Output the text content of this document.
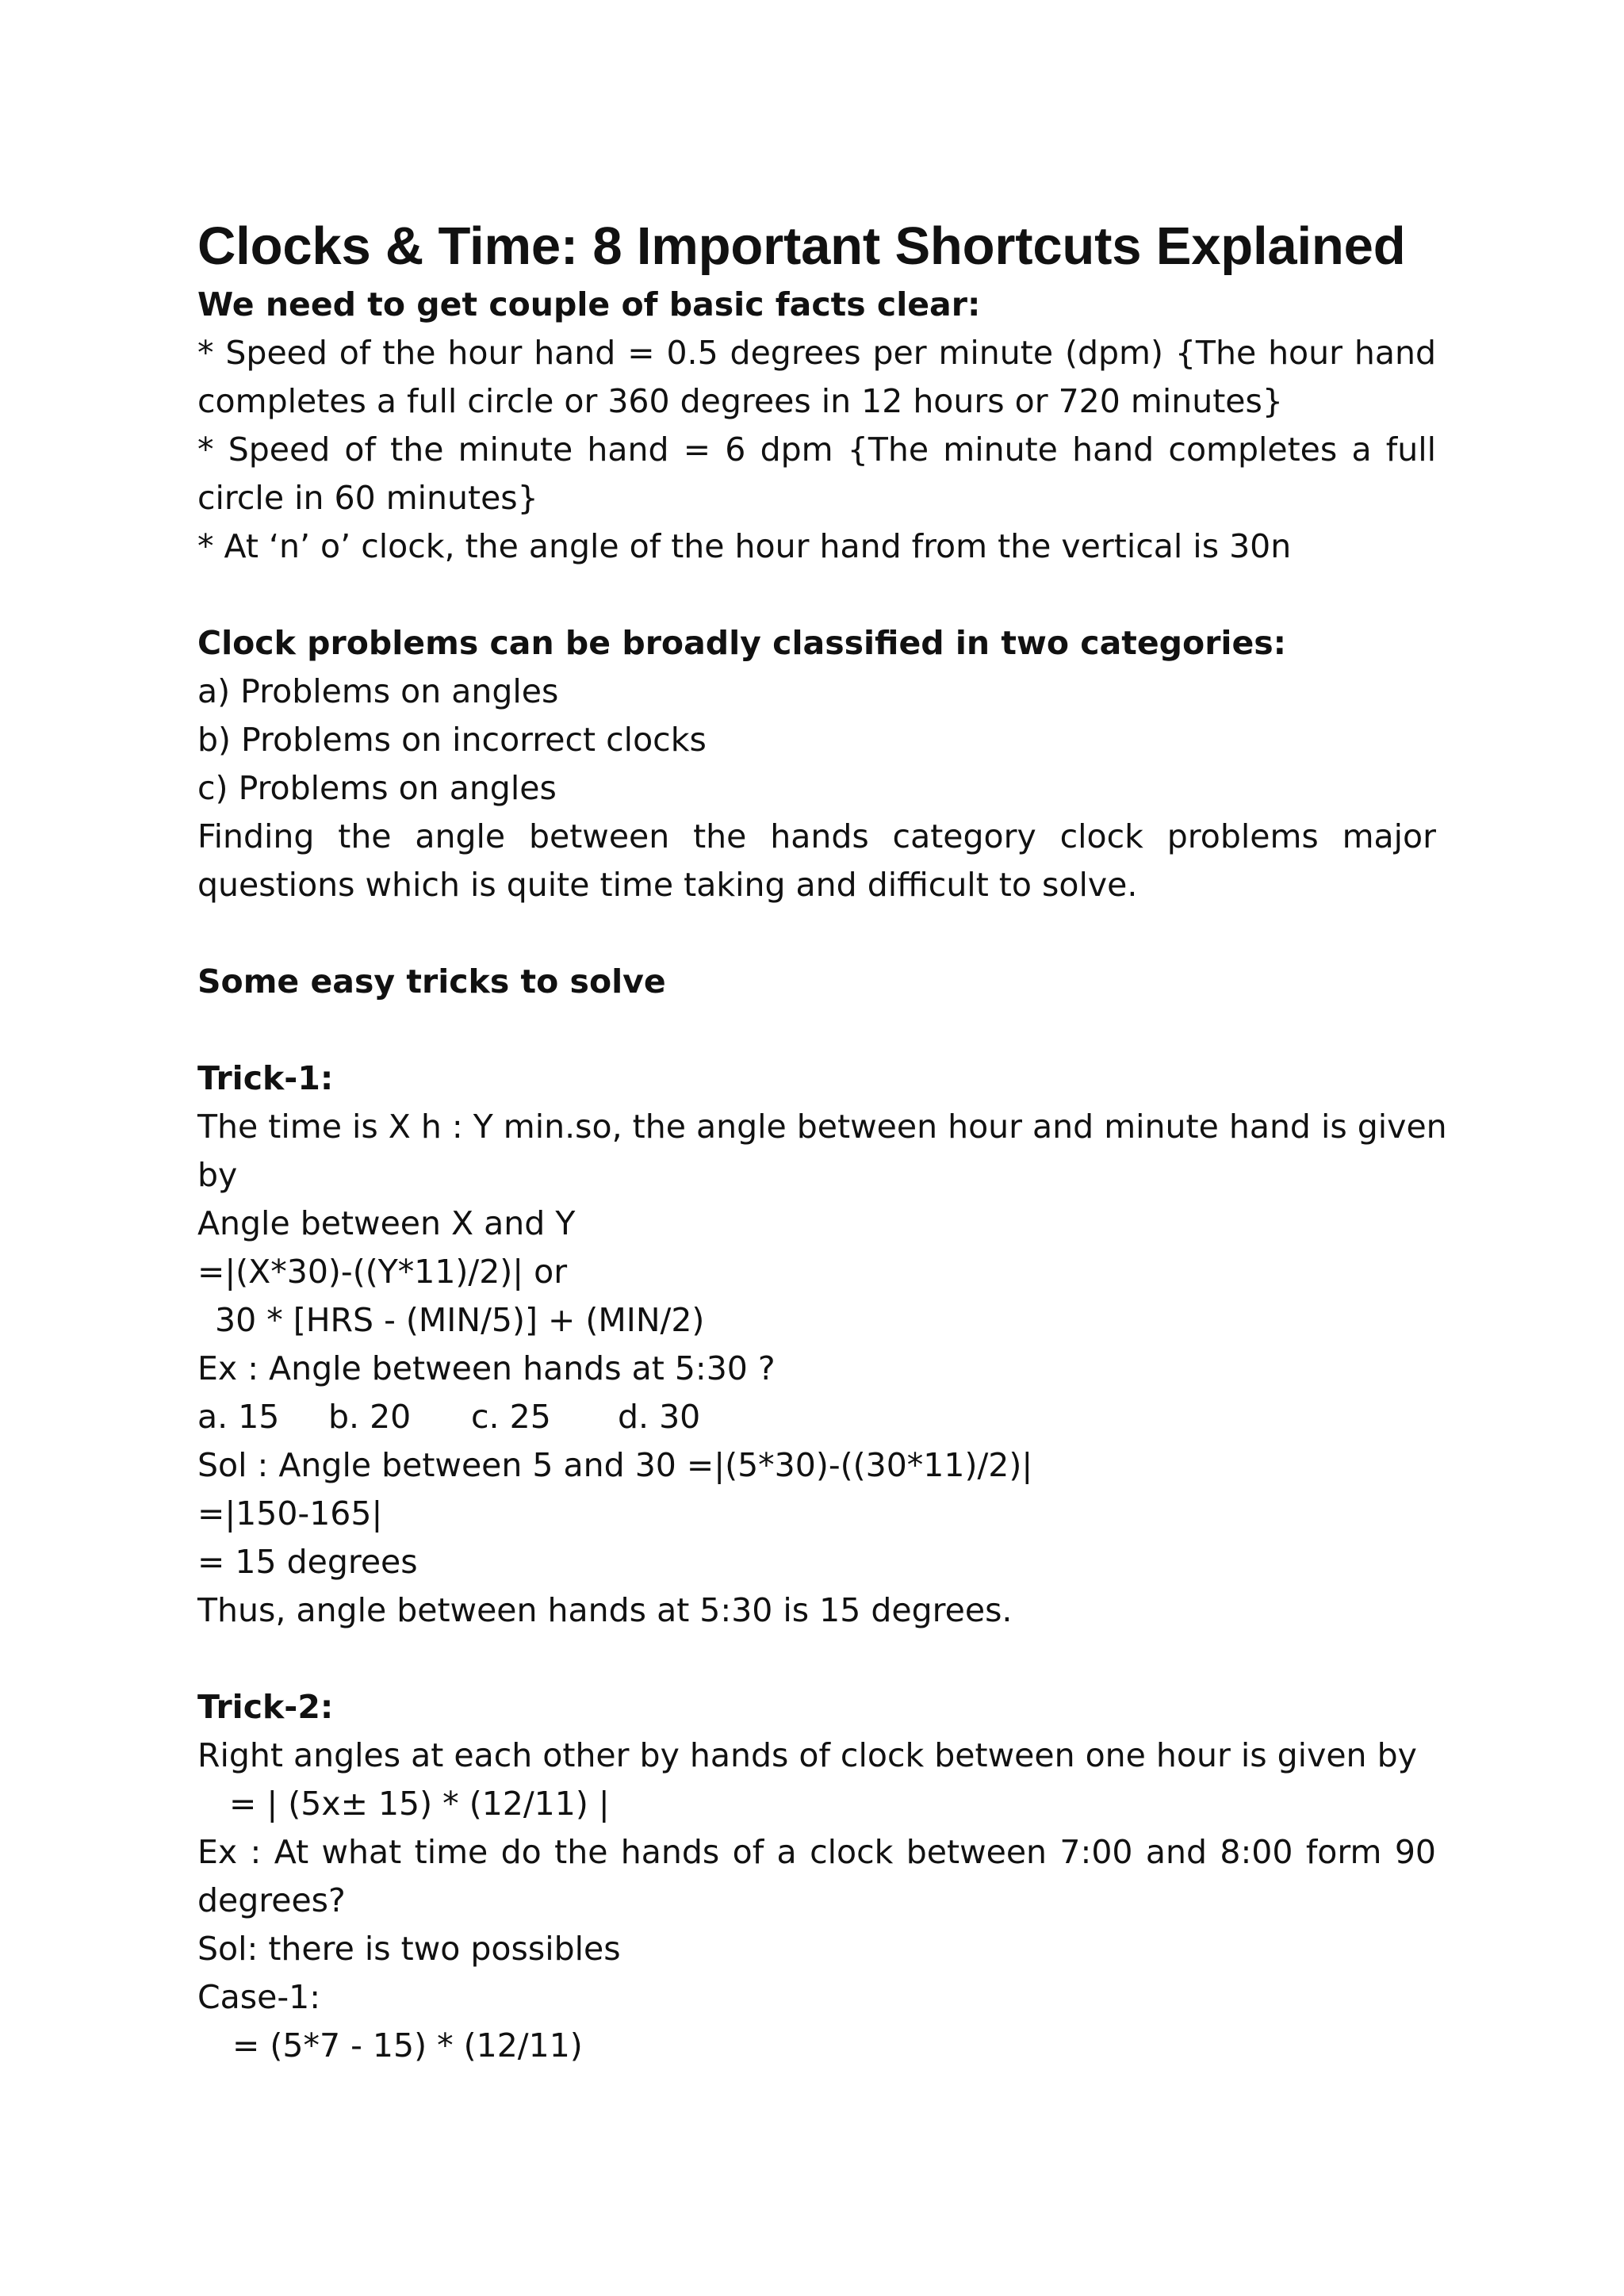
Clocks & Time: 8 Important Shortcuts Explained
We need to get couple of basic facts clear:
* Speed of the hour hand = 0.5 degrees per minute (dpm) {The hour hand
completes a full circle or 360 degrees in 12 hours or 720 minutes}
* Speed of the minute hand = 6 dpm {The minute hand completes a full
circle in 60 minutes}
* At ‘n’ o’ clock, the angle of the hour hand from the vertical is 30n
Clock problems can be broadly classified in two categories:
a) Problems on angles
b) Problems on incorrect clocks
c) Problems on angles
Finding the angle between the hands category clock problems major
questions which is quite time taking and difficult to solve.
Some easy tricks to solve
Trick-1:
The time is X h : Y min.so, the angle between hour and minute hand is given
by
Angle between X and Y
=|(X*30)-((Y*11)/2)| or
30 * [HRS - (MIN/5)] + (MIN/2)
Ex : Angle between hands at 5:30 ?
a. 15 b. 20 c. 25 d. 30
Sol : Angle between 5 and 30 =|(5*30)-((30*11)/2)|
=|150-165|
= 15 degrees
Thus, angle between hands at 5:30 is 15 degrees.
Trick-2:
Right angles at each other by hands of clock between one hour is given by
= | (5x± 15) * (12/11) |
Ex : At what time do the hands of a clock between 7:00 and 8:00 form 90
degrees?
Sol: there is two possibles
Case-1:
= (5*7 - 15) * (12/11)
